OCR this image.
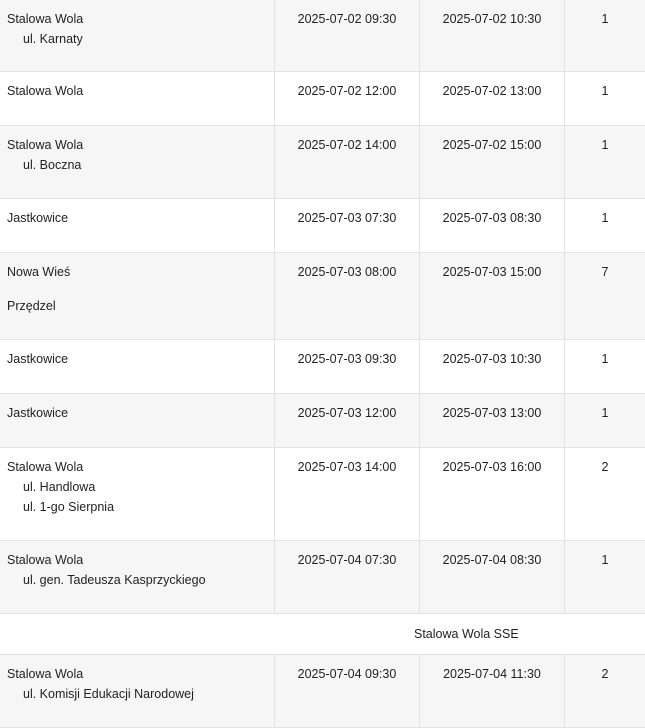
Stalowa Wola
ul. Karnaty
2025-07-02 09:30	2025-07-02 10:30	1
Stalowa Wola	2025-07-02 12:00	2025-07-02 13:00	1
Stalowa Wola
ul. Boczna
2025-07-02 14:00	2025-07-02 15:00	1
Jastkowice	2025-07-03 07:30	2025-07-03 08:30	1
Nowa Wieś
Przędzel
2025-07-03 08:00	2025-07-03 15:00	7
Jastkowice	2025-07-03 09:30	2025-07-03 10:30	1
Jastkowice	2025-07-03 12:00	2025-07-03 13:00	1
Stalowa Wola
ul. Handlowa
ul. 1-go Sierpnia
2025-07-03 14:00	2025-07-03 16:00	2
Stalowa Wola
ul. gen. Tadeusza Kasprzyckiego
2025-07-04 07:30	2025-07-04 08:30	1
Stalowa Wola SSE
Stalowa Wola
ul. Komisji Edukacji Narodowej
2025-07-04 09:30	2025-07-04 11:30	2
